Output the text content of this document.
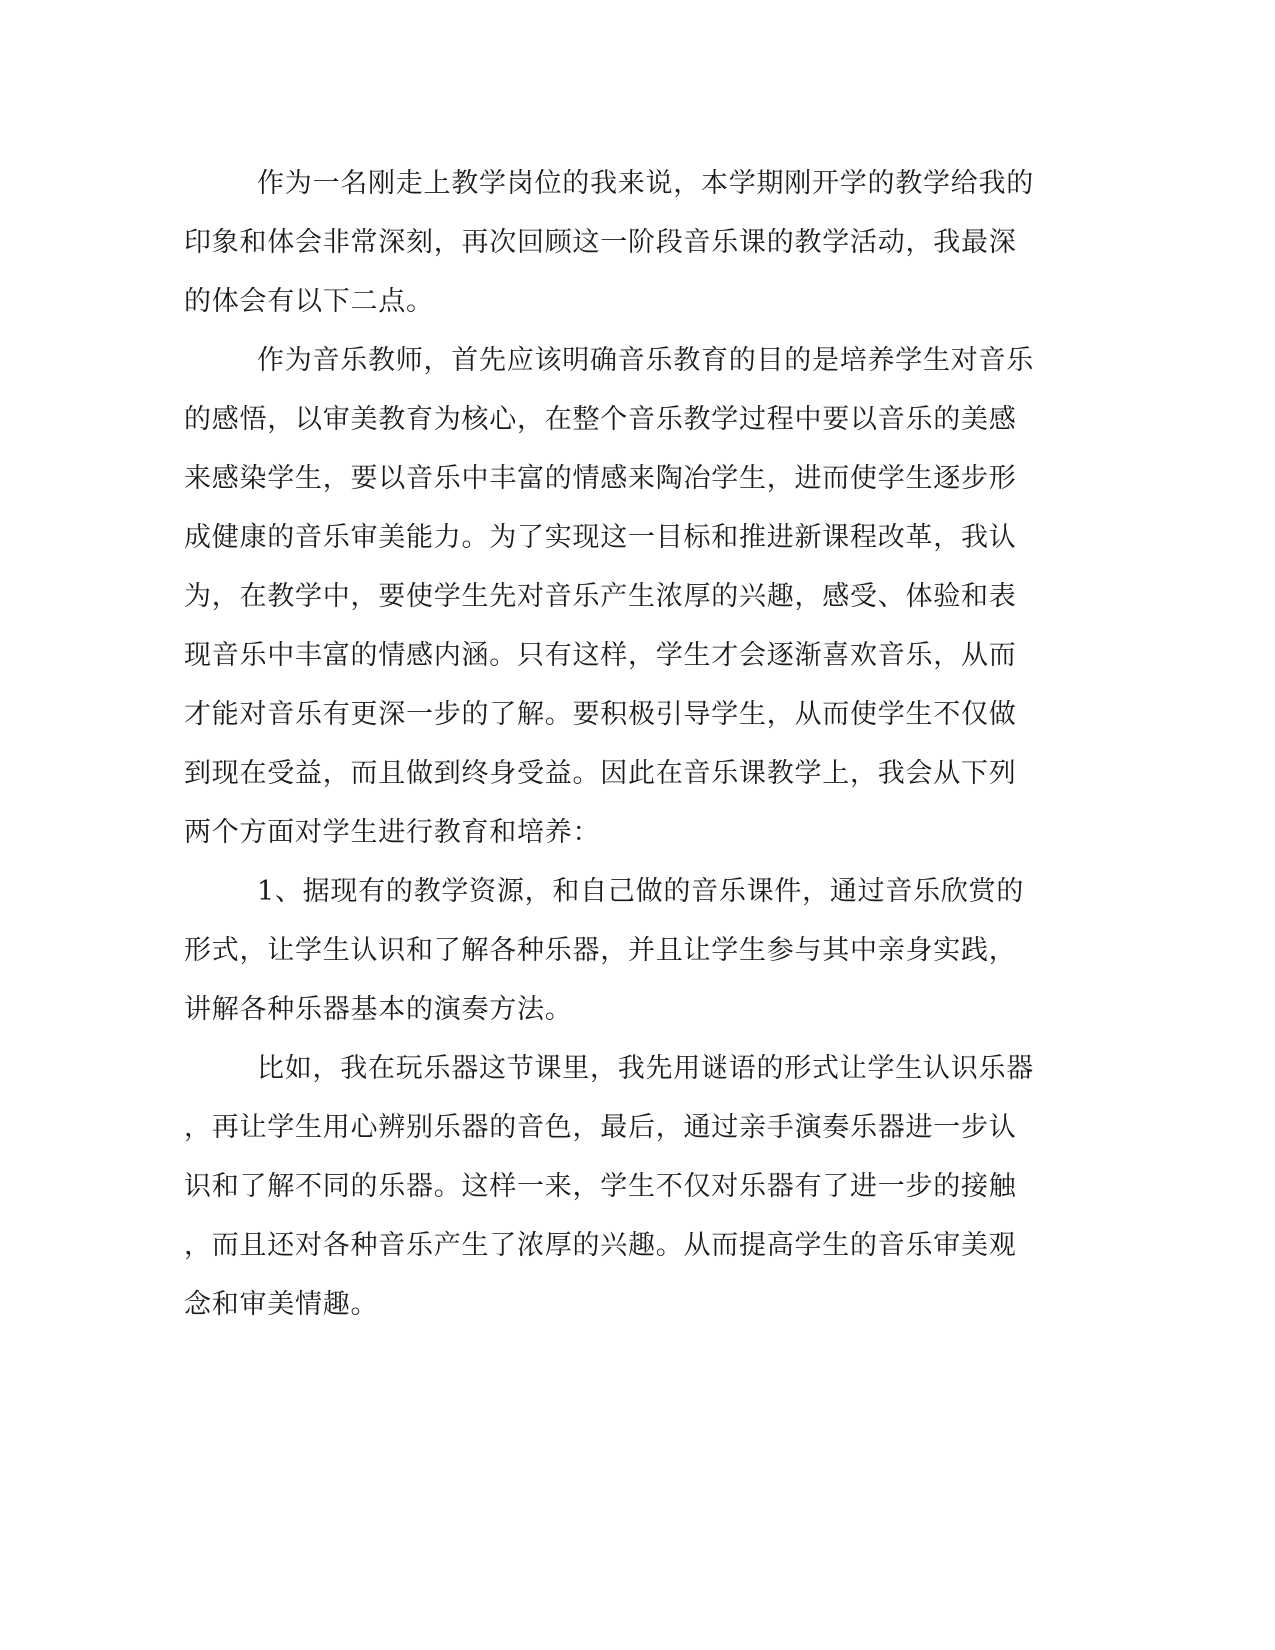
作为一名刚走上教学岗位的我来说，本学期刚开学的教学给我的
印象和体会非常深刻，再次回顾这一阶段音乐课的教学活动，我最深
的体会有以下二点。
作为音乐教师，首先应该明确音乐教育的目的是培养学生对音乐
的感悟，以审美教育为核心，在整个音乐教学过程中要以音乐的美感
来感染学生，要以音乐中丰富的情感来陶冶学生，进而使学生逐步形
成健康的音乐审美能力。为了实现这一目标和推进新课程改革，我认
为，在教学中，要使学生先对音乐产生浓厚的兴趣，感受、体验和表
现音乐中丰富的情感内涵。只有这样，学生才会逐渐喜欢音乐，从而
才能对音乐有更深一步的了解。要积极引导学生，从而使学生不仅做
到现在受益，而且做到终身受益。因此在音乐课教学上，我会从下列
两个方面对学生进行教育和培养：
1、据现有的教学资源，和自己做的音乐课件，通过音乐欣赏的
形式，让学生认识和了解各种乐器，并且让学生参与其中亲身实践，
讲解各种乐器基本的演奏方法。
比如，我在玩乐器这节课里，我先用谜语的形式让学生认识乐器
，再让学生用心辨别乐器的音色，最后，通过亲手演奏乐器进一步认
识和了解不同的乐器。这样一来，学生不仅对乐器有了进一步的接触
，而且还对各种音乐产生了浓厚的兴趣。从而提高学生的音乐审美观
念和审美情趣。
